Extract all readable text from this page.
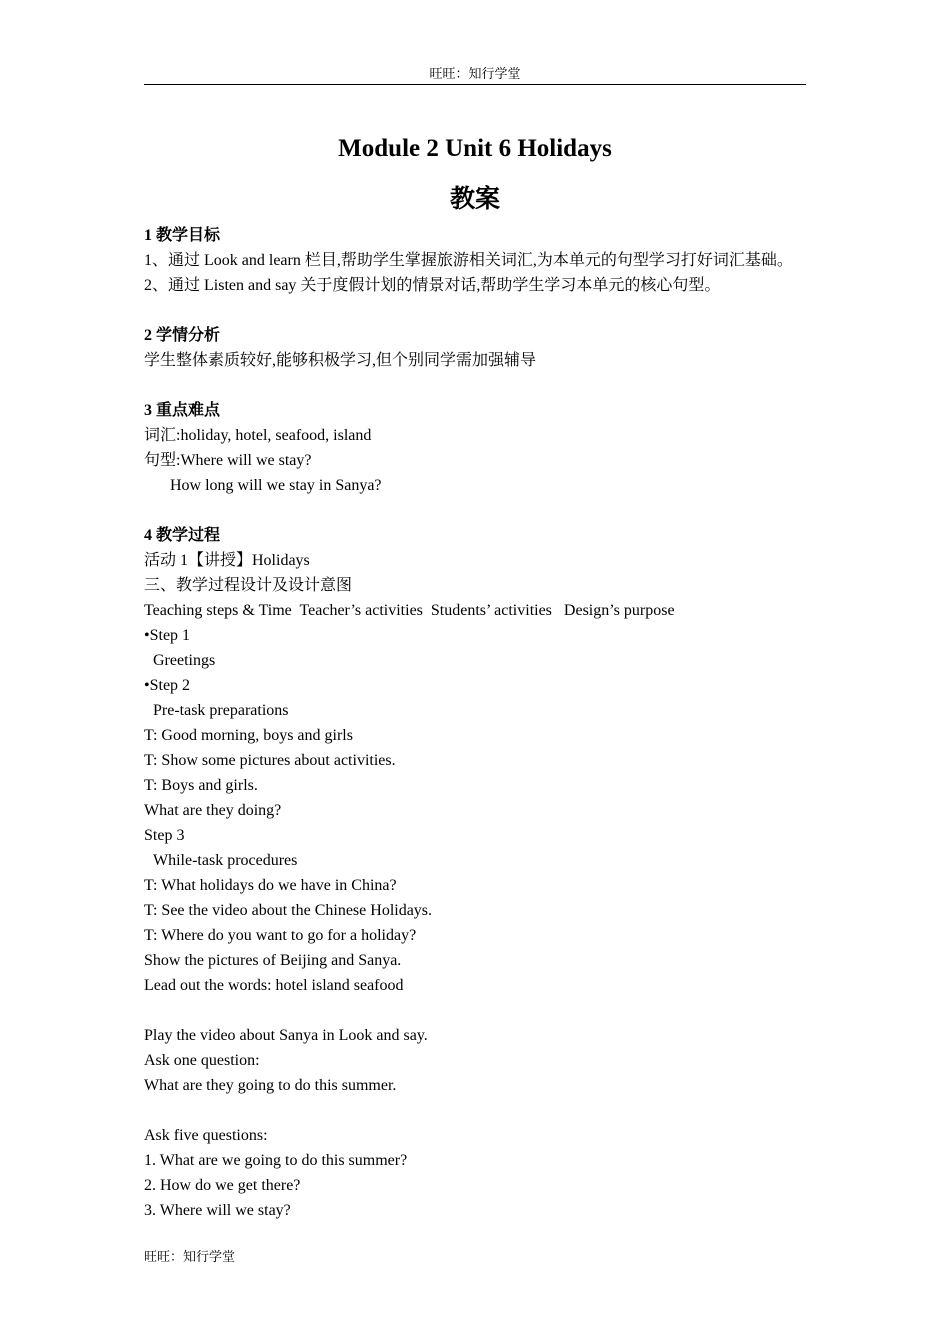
旺旺：知行学堂
Module 2 Unit 6 Holidays
教案
1 教学目标
1、通过 Look and learn 栏目,帮助学生掌握旅游相关词汇,为本单元的句型学习打好词汇基础。
2、通过 Listen and say 关于度假计划的情景对话,帮助学生学习本单元的核心句型。
2 学情分析
学生整体素质较好,能够积极学习,但个别同学需加强辅导
3 重点难点
词汇:holiday, hotel, seafood, island
句型:Where will we stay?
How long will we stay in Sanya?
4 教学过程
活动 1【讲授】Holidays
三、教学过程设计及设计意图
Teaching steps & Time  Teacher’s activities  Students’ activities   Design’s purpose
•Step 1
Greetings
•Step 2
Pre-task preparations
T: Good morning, boys and girls
T: Show some pictures about activities.
T: Boys and girls.
What are they doing?
Step 3
While-task procedures
T: What holidays do we have in China?
T: See the video about the Chinese Holidays.
T: Where do you want to go for a holiday?
Show the pictures of Beijing and Sanya.
Lead out the words: hotel island seafood
Play the video about Sanya in Look and say.
Ask one question:
What are they going to do this summer.
Ask five questions:
1. What are we going to do this summer?
2. How do we get there?
3. Where will we stay?
旺旺：知行学堂
